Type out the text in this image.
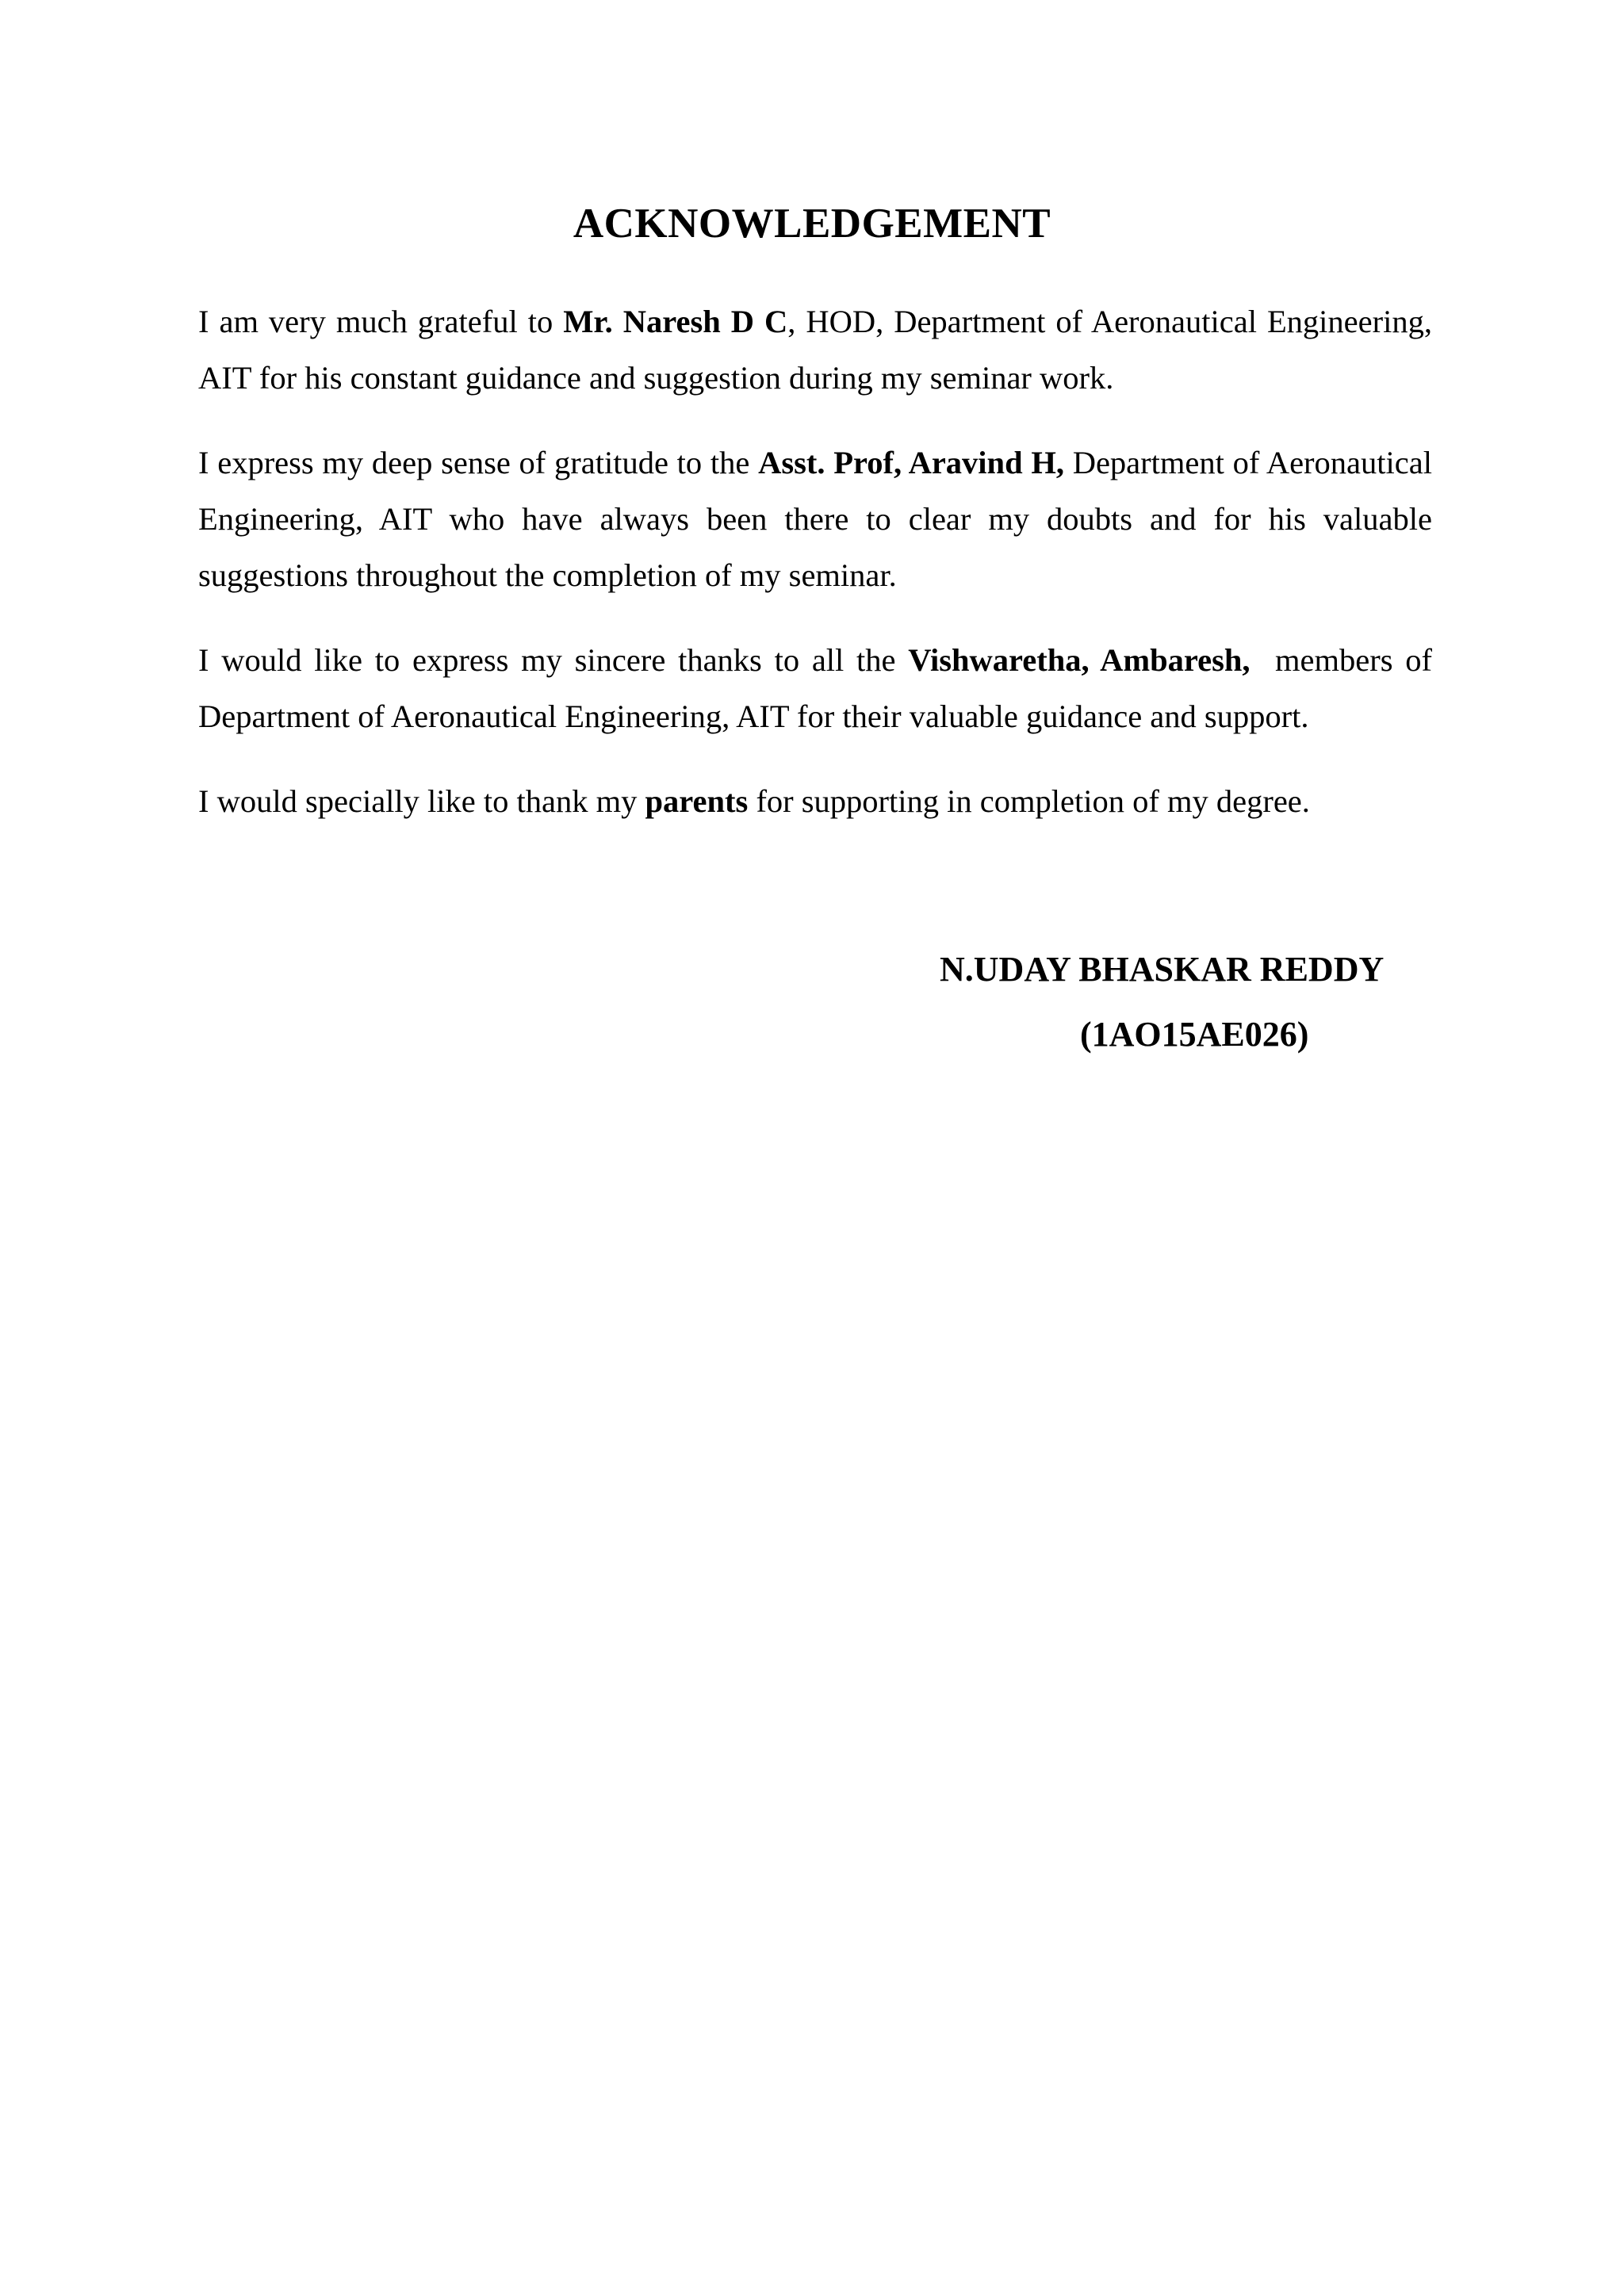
ACKNOWLEDGEMENT

I am very much grateful to Mr. Naresh D C, HOD, Department of Aeronautical Engineering, AIT for his constant guidance and suggestion during my seminar work.

I express my deep sense of gratitude to the Asst. Prof, Aravind H, Department of Aeronautical Engineering, AIT who have always been there to clear my doubts and for his valuable suggestions throughout the completion of my seminar.

I would like to express my sincere thanks to all the Vishwaretha, Ambaresh,  members of Department of Aeronautical Engineering, AIT for their valuable guidance and support.

I would specially like to thank my parents for supporting in completion of my degree.

N.UDAY BHASKAR REDDY

(1AO15AE026)
